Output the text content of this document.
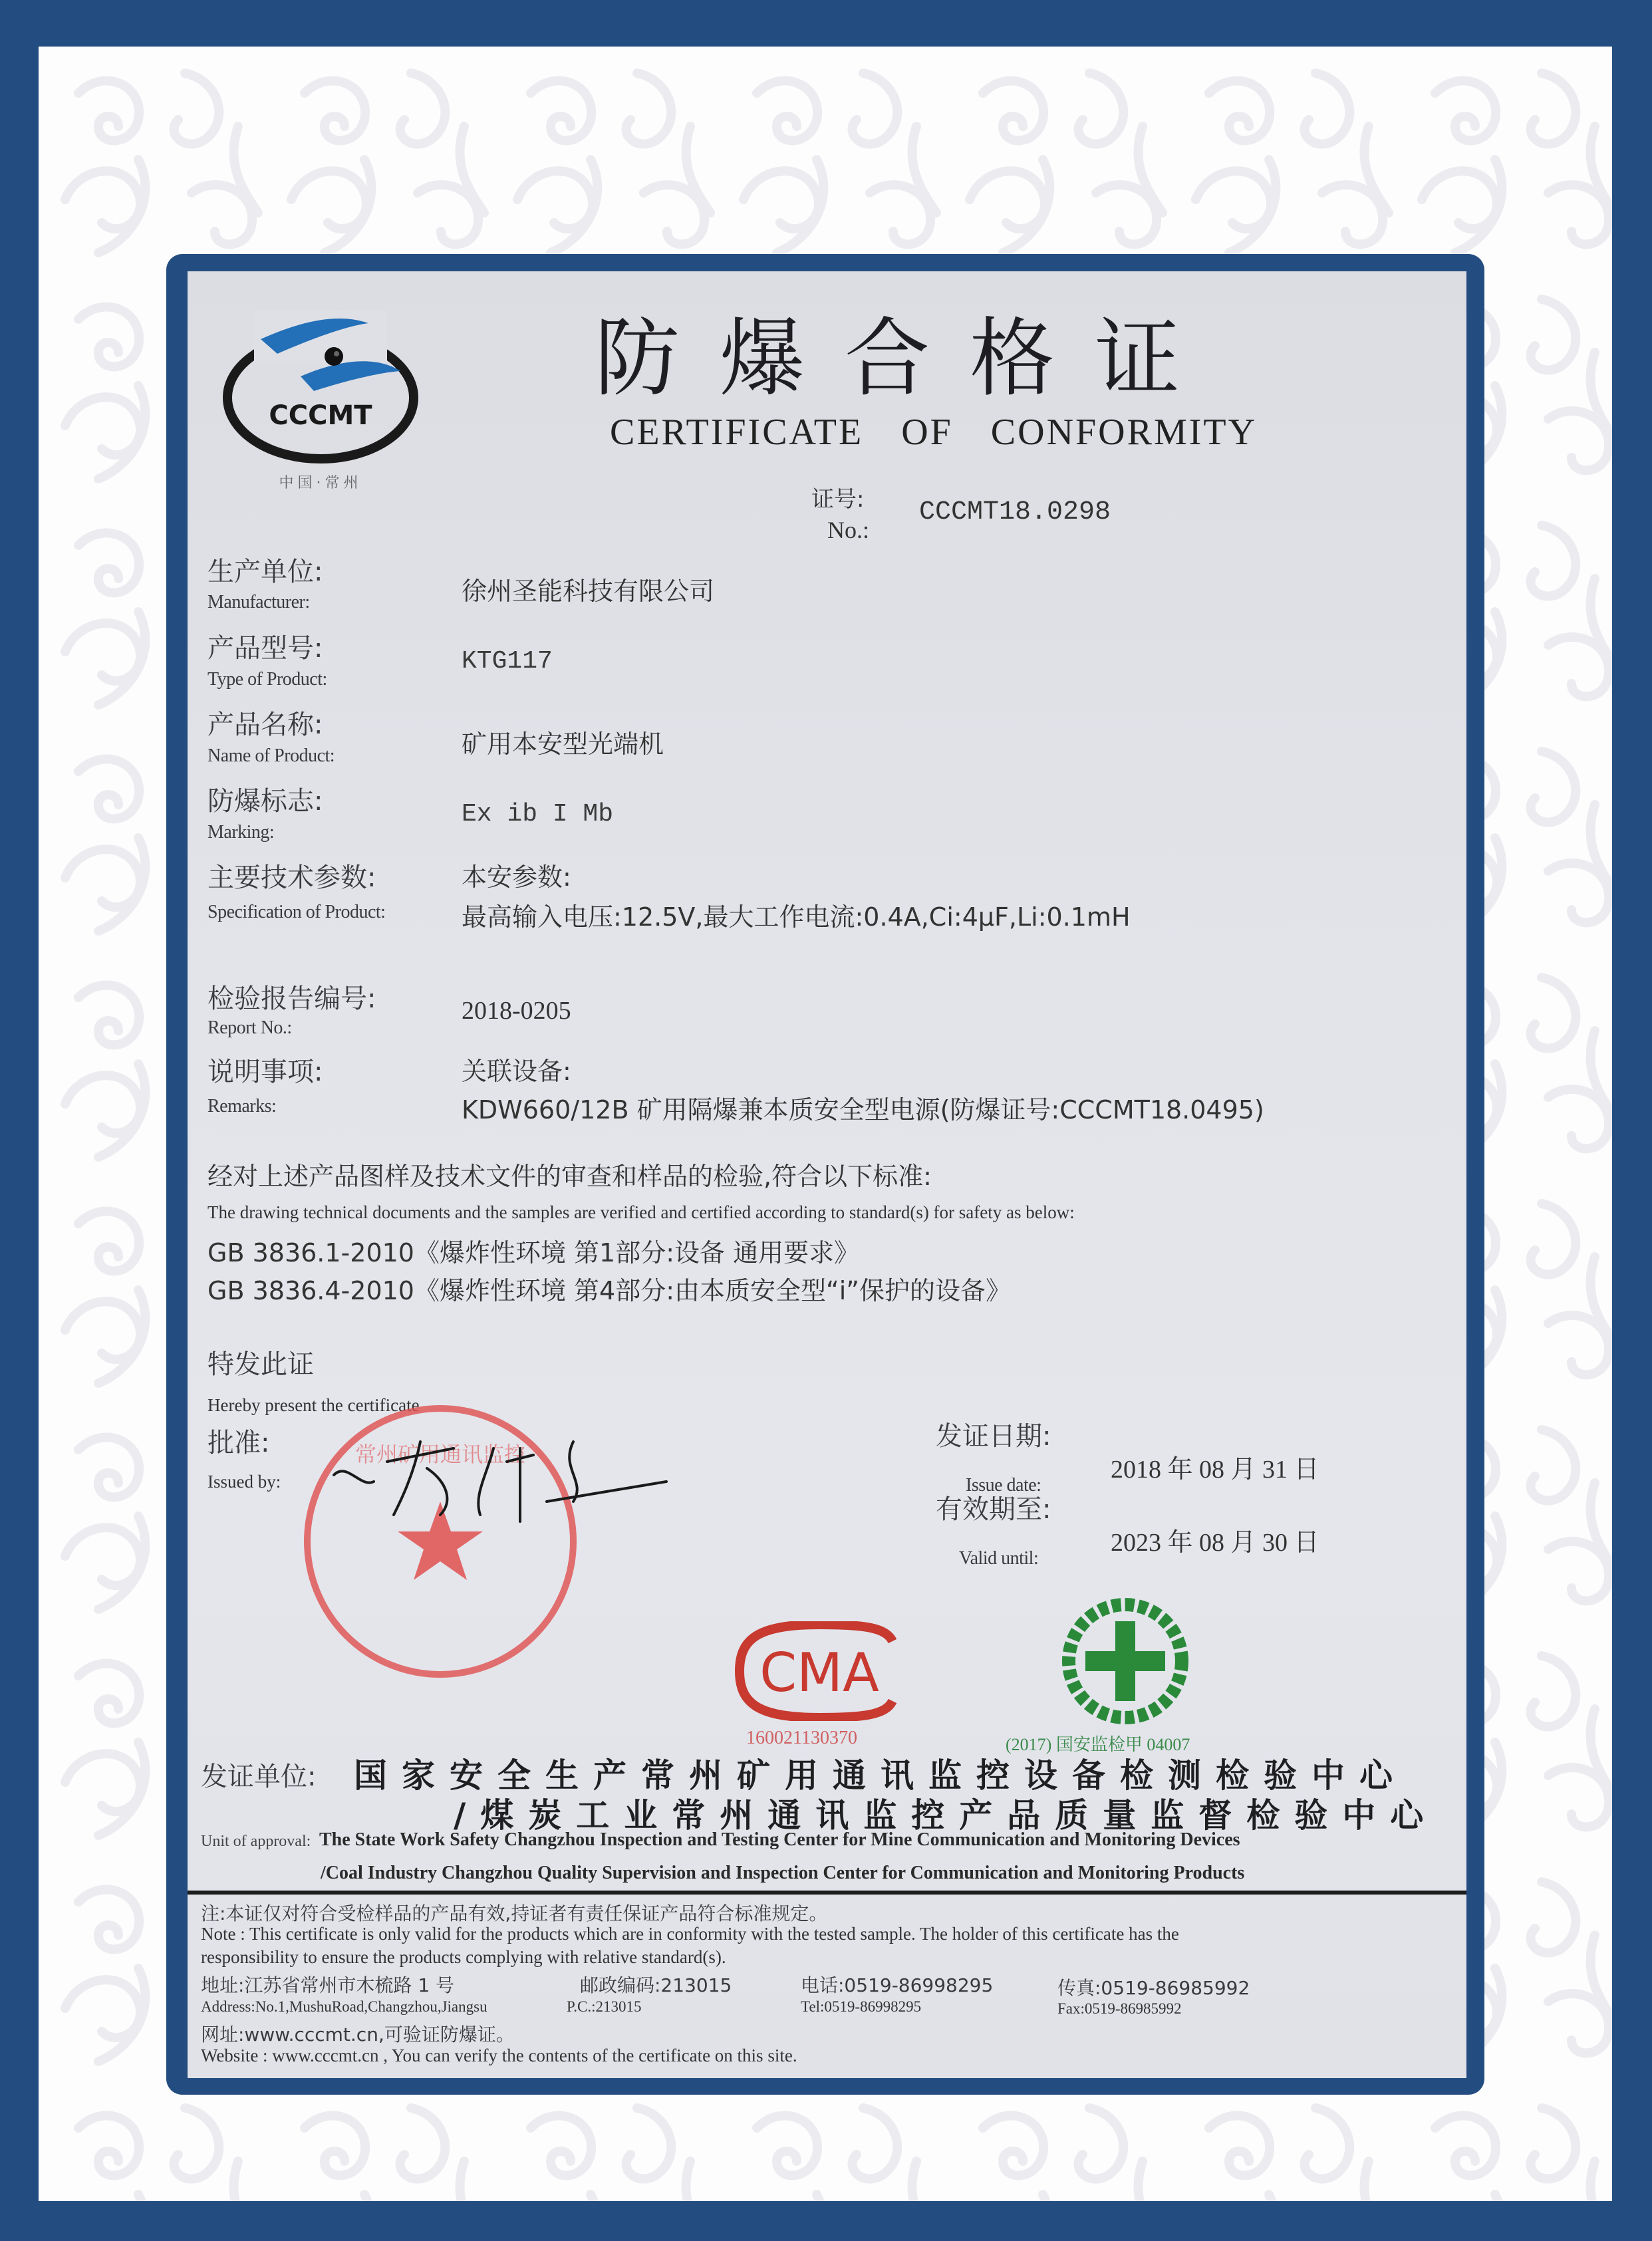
CCCMT
中国·常州
防爆合格证
CERTIFICATE OF CONFORMITY
证号:
No.:
CCCMT18.0298
生产单位:
Manufacturer:	徐州圣能科技有限公司
产品型号:
Type of Product:
KTG117
产品名称:
Name of Product:	矿用本安型光端机
防爆标志:
Marking:
Ex ib I Mb
主要技术参数:
Specification of Product:
本安参数:
最高输入电压:12.5V,最大工作电流:0.4A,Ci:4μF,Li:0.1mH
检验报告编号:
Report No.:
2018-0205
说明事项:
Remarks:
关联设备:
KDW660/12B 矿用隔爆兼本质安全型电源(防爆证号:CCCMT18.0495)
经对上述产品图样及技术文件的审查和样品的检验,符合以下标准:
The drawing technical documents and the samples are verified and certified according to standard(s) for safety as below:
GB 3836.1-2010《爆炸性环境 第1部分:设备 通用要求》
GB 3836.4-2010《爆炸性环境 第4部分:由本质安全型“i”保护的设备》
特发此证
Hereby present the certificate
批准:
Issued by:
常州矿用通讯监控
发证日期:
Issue date:
2018 年 08 月 31 日
有效期至:
Valid until:
2023 年 08 月 30 日
CMA
160021130370	(2017) 国安监检甲 04007
发证单位: 国家安全生产常州矿用通讯监控设备检测检验中心
/煤炭工业常州通讯监控产品质量监督检验中心
Unit of approval: The State Work Safety Changzhou Inspection and Testing Center for Mine Communication and Monitoring Devices
/Coal Industry Changzhou Quality Supervision and Inspection Center for Communication and Monitoring Products
注:本证仅对符合受检样品的产品有效,持证者有责任保证产品符合标准规定。
Note : This certificate is only valid for the products which are in conformity with the tested sample. The holder of this certificate has the
responsibility to ensure the products complying with relative standard(s).
地址:江苏省常州市木梳路 1 号	邮政编码:213015	电话:0519-86998295	传真:0519-86985992
Address:No.1,MushuRoad,Changzhou,Jiangsu	P.C.:213015	Tel:0519-86998295	Fax:0519-86985992
网址:www.cccmt.cn,可验证防爆证。
Website : www.cccmt.cn , You can verify the contents of the certificate on this site.
